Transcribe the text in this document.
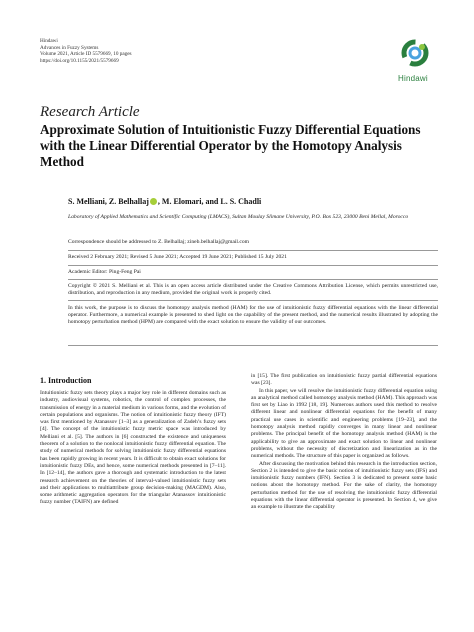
Hindawi
Advances in Fuzzy Systems
Volume 2021, Article ID 5579669, 10 pages
https://doi.org/10.1155/2021/5579669
Hindawi
Research Article
Approximate Solution of Intuitionistic Fuzzy Differential Equations with the Linear Differential Operator by the Homotopy Analysis Method
S. Melliani, Z. Belhallaj , M. Elomari, and L. S. Chadli
Laboratory of Applied Mathematics and Scientific Computing (LMACS), Sultan Moulay Slimane University, P.O. Box 523, 23000 Beni Mellal, Morocco
Correspondence should be addressed to Z. Belhallaj; zineb.belhallaj@gmail.com
Received 2 February 2021; Revised 5 June 2021; Accepted 19 June 2021; Published 15 July 2021
Academic Editor: Ping-Feng Pai
Copyright © 2021 S. Melliani et al. This is an open access article distributed under the Creative Commons Attribution License, which permits unrestricted use, distribution, and reproduction in any medium, provided the original work is properly cited.
In this work, the purpose is to discuss the homotopy analysis method (HAM) for the use of intuitionistic fuzzy differential equations with the linear differential operator. Furthermore, a numerical example is presented to shed light on the capability of the present method, and the numerical results illustrated by adopting the homotopy perturbation method (HPM) are compared with the exact solution to ensure the validity of our outcomes.
1. Introduction

Intuitionistic fuzzy sets theory plays a major key role in different domains such as industry, audiovisual systems, robotics, the control of complex processes, the transmission of energy in a material medium in various forms, and the evolution of certain populations and organisms. The notion of intuitionistic fuzzy theory (IFT) was first mentioned by Atanassov [1–3] as a generalization of Zadeh’s fuzzy sets [4]. The concept of the intuitionistic fuzzy metric space was introduced by Melliani et al. [5]. The authors in [6] constructed the existence and uniqueness theorem of a solution to the nonlocal intuitionistic fuzzy differential equation. The study of numerical methods for solving intuitionistic fuzzy differential equations has been rapidly growing in recent years. It is difficult to obtain exact solutions for intuitionistic fuzzy DEs, and hence, some numerical methods presented in [7–11]. In [12–14], the authors gave a thorough and systematic introduction to the latest research achievement on the theories of interval-valued intuitionistic fuzzy sets and their applications to multiattribute group decision-making (MAGDM). Also, some arithmetic aggregation operators for the triangular Atanassov intuitionistic fuzzy number (TAIFN) are defined

in [15]. The first publication on intuitionistic fuzzy partial differential equations was [23].

In this paper, we will resolve the intuitionistic fuzzy differential equation using an analytical method called homotopy analysis method (HAM). This approach was first set by Liao in 1992 [18, 19]. Numerous authors used this method to resolve different linear and nonlinear differential equations for the benefit of many practical use cases in scientific and engineering problems [19–23], and the homotopy analysis method rapidly converges in many linear and nonlinear problems. The principal benefit of the homotopy analysis method (HAM) is the applicability to give an approximate and exact solution to linear and nonlinear problems, without the necessity of discretization and linearization as in the numerical methods. The structure of this paper is organized as follows.

After discussing the motivation behind this research in the introduction section, Section 2 is intended to give the basic notion of intuitionistic fuzzy sets (IFS) and intuitionistic fuzzy numbers (IFN). Section 3 is dedicated to present some basic notions about the homotopy method. For the sake of clarity, the homotopy perturbation method for the use of resolving the intuitionistic fuzzy differential equations with the linear differential operator is presented. In Section 4, we give an example to illustrate the capability
